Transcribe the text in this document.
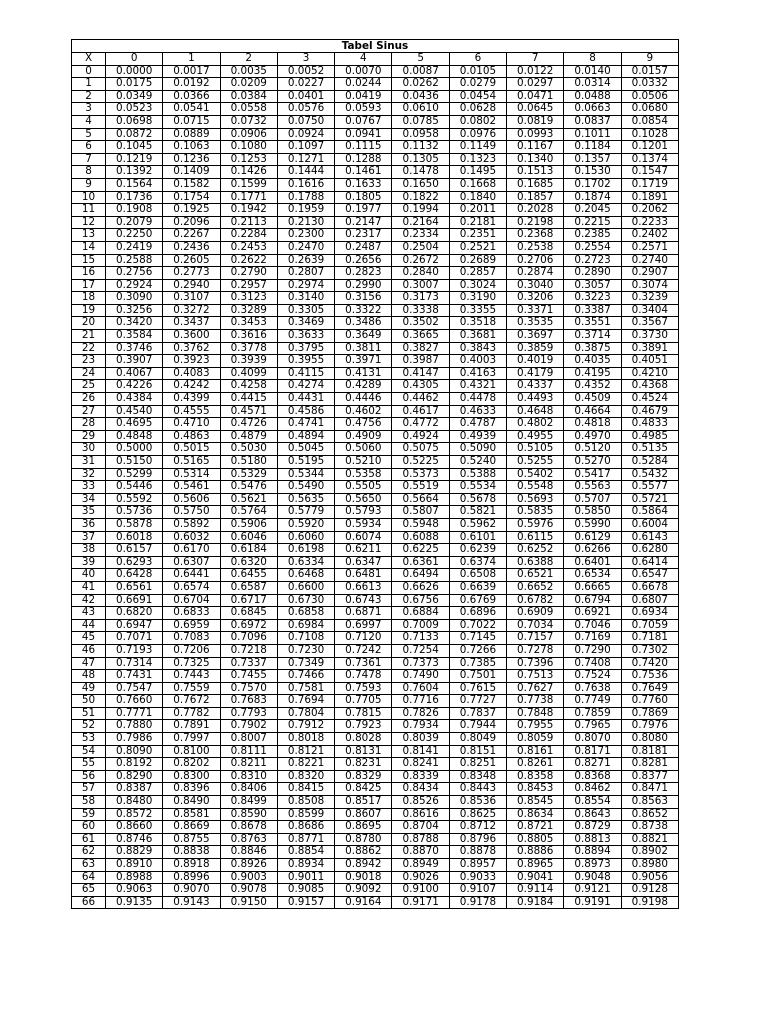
Tabel Sinus
X	0	1	2	3	4	5	6	7	8	9
0	0.0000	0.0017	0.0035	0.0052	0.0070	0.0087	0.0105	0.0122	0.0140	0.0157
1	0.0175	0.0192	0.0209	0.0227	0.0244	0.0262	0.0279	0.0297	0.0314	0.0332
2	0.0349	0.0366	0.0384	0.0401	0.0419	0.0436	0.0454	0.0471	0.0488	0.0506
3	0.0523	0.0541	0.0558	0.0576	0.0593	0.0610	0.0628	0.0645	0.0663	0.0680
4	0.0698	0.0715	0.0732	0.0750	0.0767	0.0785	0.0802	0.0819	0.0837	0.0854
5	0.0872	0.0889	0.0906	0.0924	0.0941	0.0958	0.0976	0.0993	0.1011	0.1028
6	0.1045	0.1063	0.1080	0.1097	0.1115	0.1132	0.1149	0.1167	0.1184	0.1201
7	0.1219	0.1236	0.1253	0.1271	0.1288	0.1305	0.1323	0.1340	0.1357	0.1374
8	0.1392	0.1409	0.1426	0.1444	0.1461	0.1478	0.1495	0.1513	0.1530	0.1547
9	0.1564	0.1582	0.1599	0.1616	0.1633	0.1650	0.1668	0.1685	0.1702	0.1719
10	0.1736	0.1754	0.1771	0.1788	0.1805	0.1822	0.1840	0.1857	0.1874	0.1891
11	0.1908	0.1925	0.1942	0.1959	0.1977	0.1994	0.2011	0.2028	0.2045	0.2062
12	0.2079	0.2096	0.2113	0.2130	0.2147	0.2164	0.2181	0.2198	0.2215	0.2233
13	0.2250	0.2267	0.2284	0.2300	0.2317	0.2334	0.2351	0.2368	0.2385	0.2402
14	0.2419	0.2436	0.2453	0.2470	0.2487	0.2504	0.2521	0.2538	0.2554	0.2571
15	0.2588	0.2605	0.2622	0.2639	0.2656	0.2672	0.2689	0.2706	0.2723	0.2740
16	0.2756	0.2773	0.2790	0.2807	0.2823	0.2840	0.2857	0.2874	0.2890	0.2907
17	0.2924	0.2940	0.2957	0.2974	0.2990	0.3007	0.3024	0.3040	0.3057	0.3074
18	0.3090	0.3107	0.3123	0.3140	0.3156	0.3173	0.3190	0.3206	0.3223	0.3239
19	0.3256	0.3272	0.3289	0.3305	0.3322	0.3338	0.3355	0.3371	0.3387	0.3404
20	0.3420	0.3437	0.3453	0.3469	0.3486	0.3502	0.3518	0.3535	0.3551	0.3567
21	0.3584	0.3600	0.3616	0.3633	0.3649	0.3665	0.3681	0.3697	0.3714	0.3730
22	0.3746	0.3762	0.3778	0.3795	0.3811	0.3827	0.3843	0.3859	0.3875	0.3891
23	0.3907	0.3923	0.3939	0.3955	0.3971	0.3987	0.4003	0.4019	0.4035	0.4051
24	0.4067	0.4083	0.4099	0.4115	0.4131	0.4147	0.4163	0.4179	0.4195	0.4210
25	0.4226	0.4242	0.4258	0.4274	0.4289	0.4305	0.4321	0.4337	0.4352	0.4368
26	0.4384	0.4399	0.4415	0.4431	0.4446	0.4462	0.4478	0.4493	0.4509	0.4524
27	0.4540	0.4555	0.4571	0.4586	0.4602	0.4617	0.4633	0.4648	0.4664	0.4679
28	0.4695	0.4710	0.4726	0.4741	0.4756	0.4772	0.4787	0.4802	0.4818	0.4833
29	0.4848	0.4863	0.4879	0.4894	0.4909	0.4924	0.4939	0.4955	0.4970	0.4985
30	0.5000	0.5015	0.5030	0.5045	0.5060	0.5075	0.5090	0.5105	0.5120	0.5135
31	0.5150	0.5165	0.5180	0.5195	0.5210	0.5225	0.5240	0.5255	0.5270	0.5284
32	0.5299	0.5314	0.5329	0.5344	0.5358	0.5373	0.5388	0.5402	0.5417	0.5432
33	0.5446	0.5461	0.5476	0.5490	0.5505	0.5519	0.5534	0.5548	0.5563	0.5577
34	0.5592	0.5606	0.5621	0.5635	0.5650	0.5664	0.5678	0.5693	0.5707	0.5721
35	0.5736	0.5750	0.5764	0.5779	0.5793	0.5807	0.5821	0.5835	0.5850	0.5864
36	0.5878	0.5892	0.5906	0.5920	0.5934	0.5948	0.5962	0.5976	0.5990	0.6004
37	0.6018	0.6032	0.6046	0.6060	0.6074	0.6088	0.6101	0.6115	0.6129	0.6143
38	0.6157	0.6170	0.6184	0.6198	0.6211	0.6225	0.6239	0.6252	0.6266	0.6280
39	0.6293	0.6307	0.6320	0.6334	0.6347	0.6361	0.6374	0.6388	0.6401	0.6414
40	0.6428	0.6441	0.6455	0.6468	0.6481	0.6494	0.6508	0.6521	0.6534	0.6547
41	0.6561	0.6574	0.6587	0.6600	0.6613	0.6626	0.6639	0.6652	0.6665	0.6678
42	0.6691	0.6704	0.6717	0.6730	0.6743	0.6756	0.6769	0.6782	0.6794	0.6807
43	0.6820	0.6833	0.6845	0.6858	0.6871	0.6884	0.6896	0.6909	0.6921	0.6934
44	0.6947	0.6959	0.6972	0.6984	0.6997	0.7009	0.7022	0.7034	0.7046	0.7059
45	0.7071	0.7083	0.7096	0.7108	0.7120	0.7133	0.7145	0.7157	0.7169	0.7181
46	0.7193	0.7206	0.7218	0.7230	0.7242	0.7254	0.7266	0.7278	0.7290	0.7302
47	0.7314	0.7325	0.7337	0.7349	0.7361	0.7373	0.7385	0.7396	0.7408	0.7420
48	0.7431	0.7443	0.7455	0.7466	0.7478	0.7490	0.7501	0.7513	0.7524	0.7536
49	0.7547	0.7559	0.7570	0.7581	0.7593	0.7604	0.7615	0.7627	0.7638	0.7649
50	0.7660	0.7672	0.7683	0.7694	0.7705	0.7716	0.7727	0.7738	0.7749	0.7760
51	0.7771	0.7782	0.7793	0.7804	0.7815	0.7826	0.7837	0.7848	0.7859	0.7869
52	0.7880	0.7891	0.7902	0.7912	0.7923	0.7934	0.7944	0.7955	0.7965	0.7976
53	0.7986	0.7997	0.8007	0.8018	0.8028	0.8039	0.8049	0.8059	0.8070	0.8080
54	0.8090	0.8100	0.8111	0.8121	0.8131	0.8141	0.8151	0.8161	0.8171	0.8181
55	0.8192	0.8202	0.8211	0.8221	0.8231	0.8241	0.8251	0.8261	0.8271	0.8281
56	0.8290	0.8300	0.8310	0.8320	0.8329	0.8339	0.8348	0.8358	0.8368	0.8377
57	0.8387	0.8396	0.8406	0.8415	0.8425	0.8434	0.8443	0.8453	0.8462	0.8471
58	0.8480	0.8490	0.8499	0.8508	0.8517	0.8526	0.8536	0.8545	0.8554	0.8563
59	0.8572	0.8581	0.8590	0.8599	0.8607	0.8616	0.8625	0.8634	0.8643	0.8652
60	0.8660	0.8669	0.8678	0.8686	0.8695	0.8704	0.8712	0.8721	0.8729	0.8738
61	0.8746	0.8755	0.8763	0.8771	0.8780	0.8788	0.8796	0.8805	0.8813	0.8821
62	0.8829	0.8838	0.8846	0.8854	0.8862	0.8870	0.8878	0.8886	0.8894	0.8902
63	0.8910	0.8918	0.8926	0.8934	0.8942	0.8949	0.8957	0.8965	0.8973	0.8980
64	0.8988	0.8996	0.9003	0.9011	0.9018	0.9026	0.9033	0.9041	0.9048	0.9056
65	0.9063	0.9070	0.9078	0.9085	0.9092	0.9100	0.9107	0.9114	0.9121	0.9128
66	0.9135	0.9143	0.9150	0.9157	0.9164	0.9171	0.9178	0.9184	0.9191	0.9198
